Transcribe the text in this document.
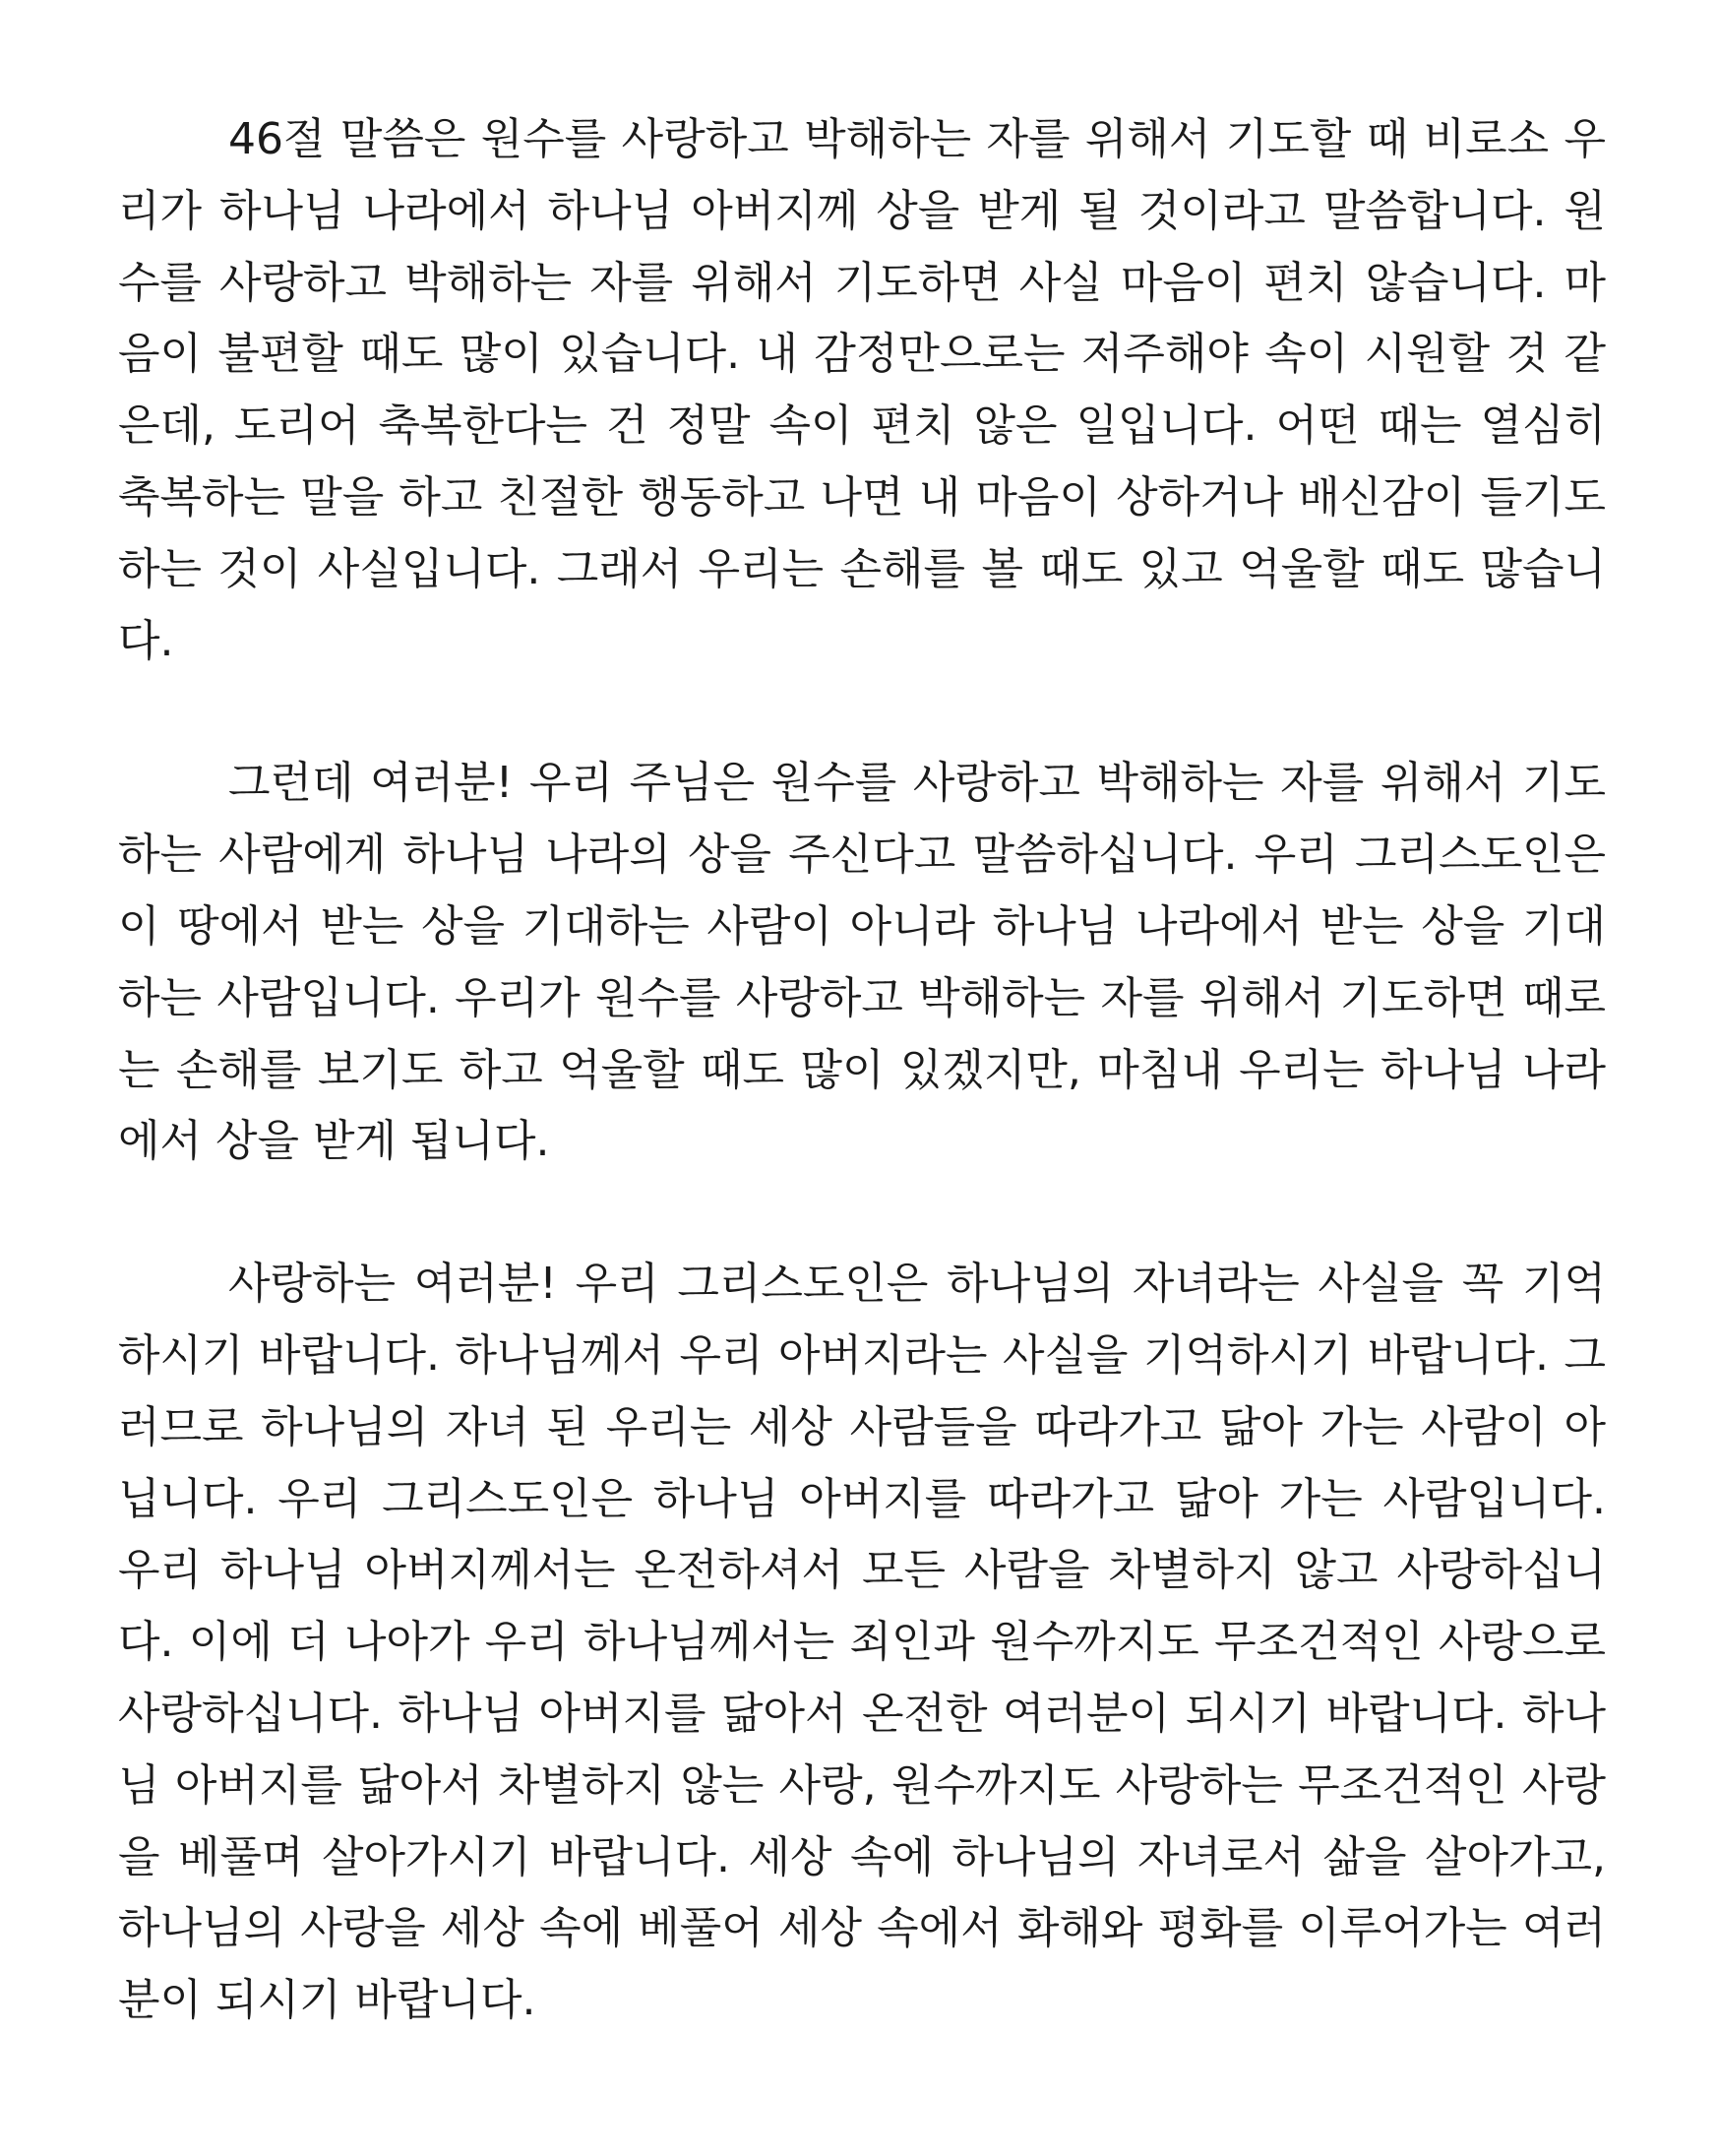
46절 말씀은 원수를 사랑하고 박해하는 자를 위해서 기도할 때 비로소 우리가 하나님 나라에서 하나님 아버지께 상을 받게 될 것이라고 말씀합니다. 원수를 사랑하고 박해하는 자를 위해서 기도하면 사실 마음이 편치 않습니다. 마음이 불편할 때도 많이 있습니다. 내 감정만으로는 저주해야 속이 시원할 것 같은데, 도리어 축복한다는 건 정말 속이 편치 않은 일입니다. 어떤 때는 열심히 축복하는 말을 하고 친절한 행동하고 나면 내 마음이 상하거나 배신감이 들기도 하는 것이 사실입니다. 그래서 우리는 손해를 볼 때도 있고 억울할 때도 많습니다.

그런데 여러분! 우리 주님은 원수를 사랑하고 박해하는 자를 위해서 기도하는 사람에게 하나님 나라의 상을 주신다고 말씀하십니다. 우리 그리스도인은 이 땅에서 받는 상을 기대하는 사람이 아니라 하나님 나라에서 받는 상을 기대하는 사람입니다. 우리가 원수를 사랑하고 박해하는 자를 위해서 기도하면 때로는 손해를 보기도 하고 억울할 때도 많이 있겠지만, 마침내 우리는 하나님 나라에서 상을 받게 됩니다.

사랑하는 여러분! 우리 그리스도인은 하나님의 자녀라는 사실을 꼭 기억하시기 바랍니다. 하나님께서 우리 아버지라는 사실을 기억하시기 바랍니다. 그러므로 하나님의 자녀 된 우리는 세상 사람들을 따라가고 닮아 가는 사람이 아닙니다. 우리 그리스도인은 하나님 아버지를 따라가고 닮아 가는 사람입니다. 우리 하나님 아버지께서는 온전하셔서 모든 사람을 차별하지 않고 사랑하십니다. 이에 더 나아가 우리 하나님께서는 죄인과 원수까지도 무조건적인 사랑으로 사랑하십니다. 하나님 아버지를 닮아서 온전한 여러분이 되시기 바랍니다. 하나님 아버지를 닮아서 차별하지 않는 사랑, 원수까지도 사랑하는 무조건적인 사랑을 베풀며 살아가시기 바랍니다. 세상 속에 하나님의 자녀로서 삶을 살아가고, 하나님의 사랑을 세상 속에 베풀어 세상 속에서 화해와 평화를 이루어가는 여러분이 되시기 바랍니다.
